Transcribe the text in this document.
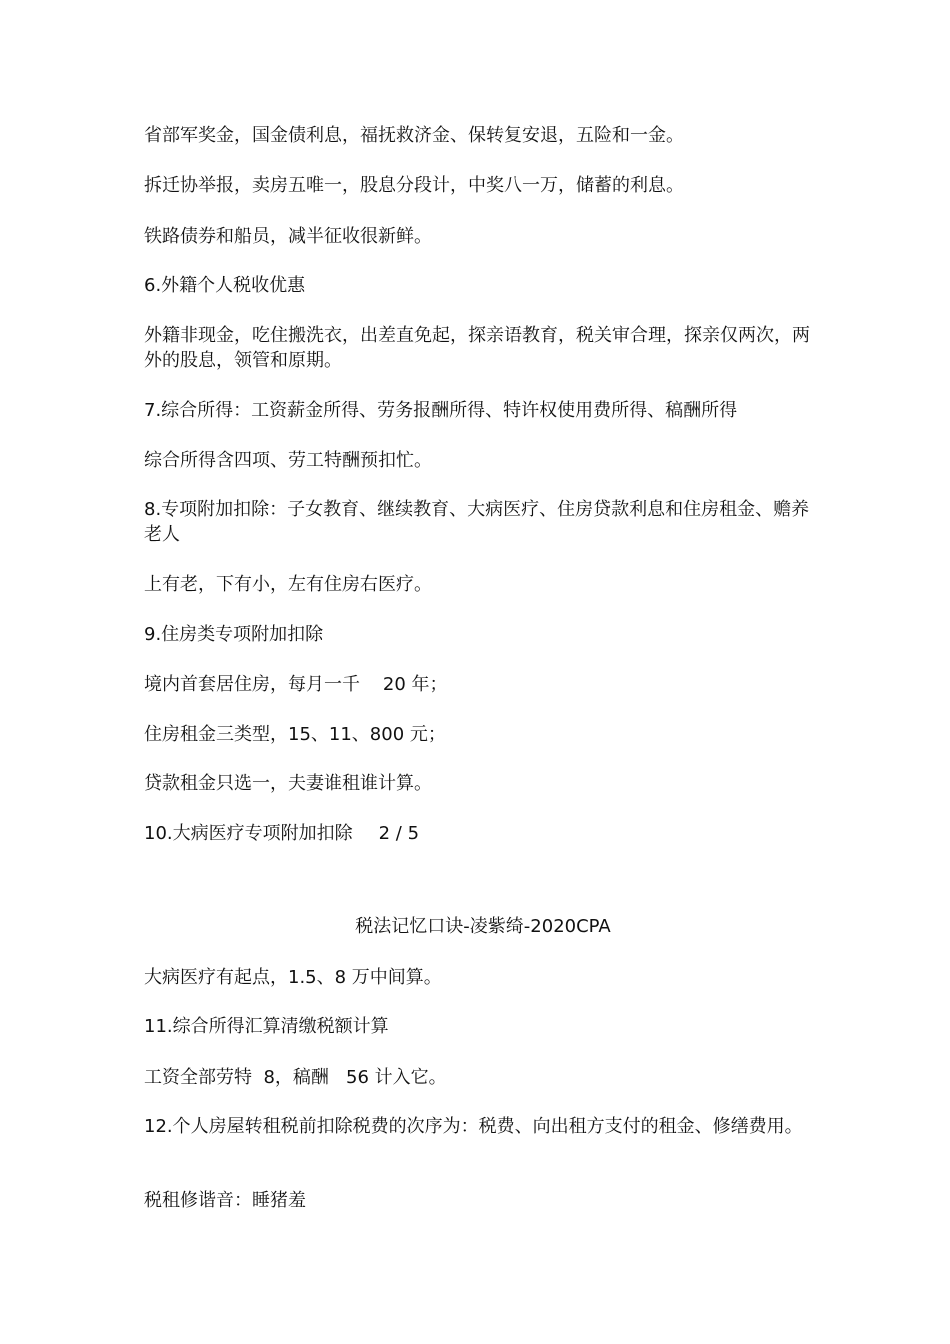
省部军奖金，国金债利息，福抚救济金、保转复安退，五险和一金。

拆迁协举报，卖房五唯一，股息分段计，中奖八一万，储蓄的利息。

铁路债券和船员，减半征收很新鲜。

6.外籍个人税收优惠

外籍非现金，吃住搬洗衣，出差直免起，探亲语教育，税关审合理，探亲仅两次，两外的股息，领管和原期。

7.综合所得：工资薪金所得、劳务报酬所得、特许权使用费所得、稿酬所得

综合所得含四项、劳工特酬预扣忙。

8.专项附加扣除：子女教育、继续教育、大病医疗、住房贷款利息和住房租金、赡养老人

上有老，下有小，左有住房右医疗。

9.住房类专项附加扣除

境内首套居住房，每月一千    20 年；

住房租金三类型，15、11、800 元；

贷款租金只选一，夫妻谁租谁计算。

10.大病医疗专项附加扣除 2 / 5

税法记忆口诀-凌紫绮-2020CPA

大病医疗有起点，1.5、8 万中间算。

11.综合所得汇算清缴税额计算

工资全部劳特  8，稿酬   56 计入它。

12.个人房屋转租税前扣除税费的次序为：税费、向出租方支付的租金、修缮费用。

税租修谐音：睡猪羞
